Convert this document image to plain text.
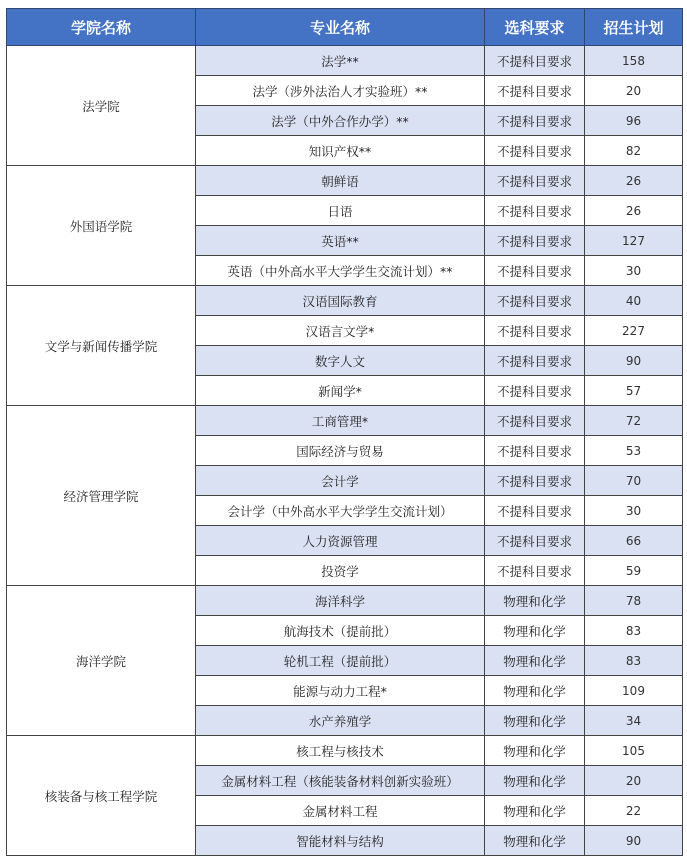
学院名称	专业名称	选科要求	招生计划
法学院	法学**	不提科目要求	158
	法学（涉外法治人才实验班）**	不提科目要求	20
	法学（中外合作办学）**	不提科目要求	96
	知识产权**	不提科目要求	82
外国语学院	朝鲜语	不提科目要求	26
	日语	不提科目要求	26
	英语**	不提科目要求	127
	英语（中外高水平大学学生交流计划）**	不提科目要求	30
文学与新闻传播学院	汉语国际教育	不提科目要求	40
	汉语言文学*	不提科目要求	227
	数字人文	不提科目要求	90
	新闻学*	不提科目要求	57
经济管理学院	工商管理*	不提科目要求	72
	国际经济与贸易	不提科目要求	53
	会计学	不提科目要求	70
	会计学（中外高水平大学学生交流计划）	不提科目要求	30
	人力资源管理	不提科目要求	66
	投资学	不提科目要求	59
海洋学院	海洋科学	物理和化学	78
	航海技术（提前批）	物理和化学	83
	轮机工程（提前批）	物理和化学	83
	能源与动力工程*	物理和化学	109
	水产养殖学	物理和化学	34
核装备与核工程学院	核工程与核技术	物理和化学	105
	金属材料工程（核能装备材料创新实验班）	物理和化学	20
	金属材料工程	物理和化学	22
	智能材料与结构	物理和化学	90
